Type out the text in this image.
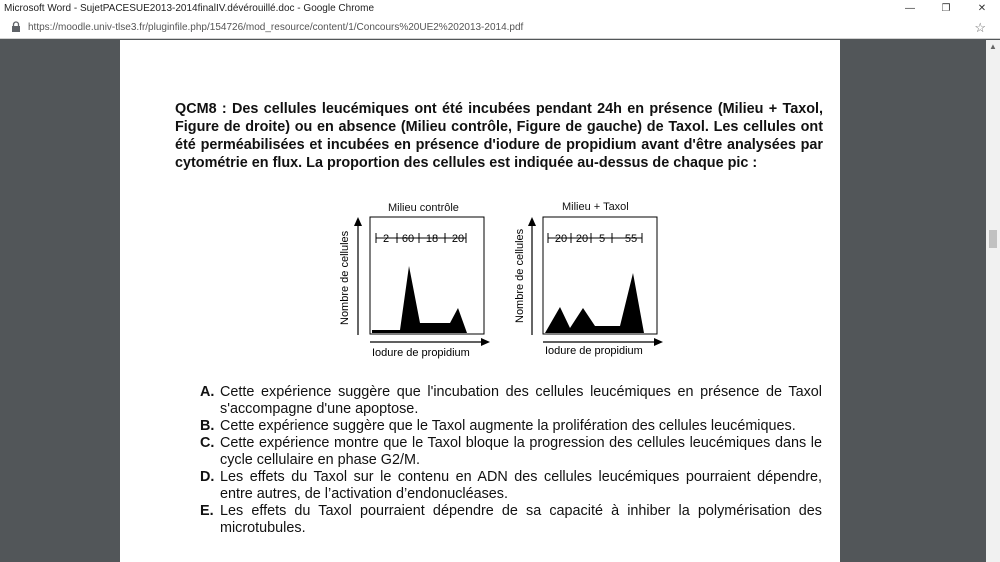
Microsoft Word - SujetPACESUE2013-2014finalIV.dévérouillé.doc - Google Chrome	—	❐	✕
https://moodle.univ-tlse3.fr/pluginfile.php/154726/mod_resource/content/1/Concours%20UE2%202013-2014.pdf	☆
QCM8 : Des cellules leucémiques ont été incubées pendant 24h en présence (Milieu + Taxol, Figure de droite) ou en absence (Milieu contrôle, Figure de gauche) de Taxol. Les cellules ont été perméabilisées et incubées en présence d'iodure de propidium avant d'être analysées par cytométrie en flux. La proportion des cellules est indiquée au-dessus de chaque pic :
Milieu contrôle	Milieu + Taxol
2 60 18 20
Iodure de propidium
Nombre de cellules	20 20 5 55
Iodure de propidium
Nombre de cellules
A. Cette expérience suggère que l'incubation des cellules leucémiques en présence de Taxol s'accompagne d'une apoptose.
B. Cette expérience suggère que le Taxol augmente la prolifération des cellules leucémiques.
C. Cette expérience montre que le Taxol bloque la progression des cellules leucémiques dans le cycle cellulaire en phase G2/M.
D. Les effets du Taxol sur le contenu en ADN des cellules leucémiques pourraient dépendre, entre autres, de l’activation d’endonucléases.
E. Les effets du Taxol pourraient dépendre de sa capacité à inhiber la polymérisation des microtubules.
▲
